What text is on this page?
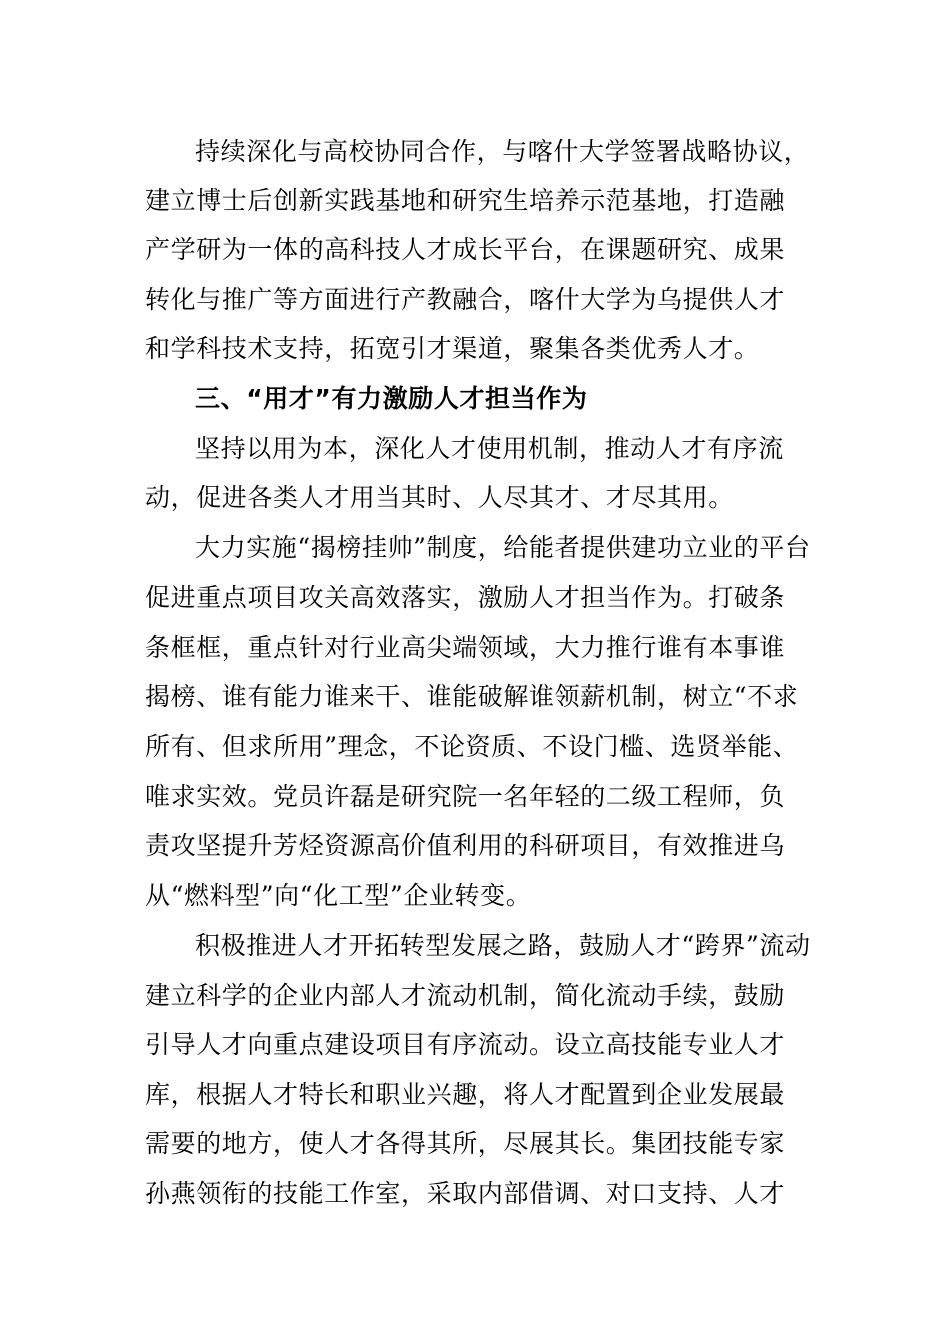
持续深化与高校协同合作，与喀什大学签署战略协议，
建立博士后创新实践基地和研究生培养示范基地，打造融
产学研为一体的高科技人才成长平台，在课题研究、成果
转化与推广等方面进行产教融合，喀什大学为乌提供人才
和学科技术支持，拓宽引才渠道，聚集各类优秀人才。
三、“用才”有力激励人才担当作为
坚持以用为本，深化人才使用机制，推动人才有序流
动，促进各类人才用当其时、人尽其才、才尽其用。
大力实施“揭榜挂帅”制度，给能者提供建功立业的平台
促进重点项目攻关高效落实，激励人才担当作为。打破条
条框框，重点针对行业高尖端领域，大力推行谁有本事谁
揭榜、谁有能力谁来干、谁能破解谁领薪机制，树立“不求
所有、但求所用”理念，不论资质、不设门槛、选贤举能、
唯求实效。党员许磊是研究院一名年轻的二级工程师，负
责攻坚提升芳烃资源高价值利用的科研项目，有效推进乌
从“燃料型”向“化工型”企业转变。
积极推进人才开拓转型发展之路，鼓励人才“跨界”流动
建立科学的企业内部人才流动机制，简化流动手续，鼓励
引导人才向重点建设项目有序流动。设立高技能专业人才
库，根据人才特长和职业兴趣，将人才配置到企业发展最
需要的地方，使人才各得其所，尽展其长。集团技能专家
孙燕领衔的技能工作室，采取内部借调、对口支持、人才
